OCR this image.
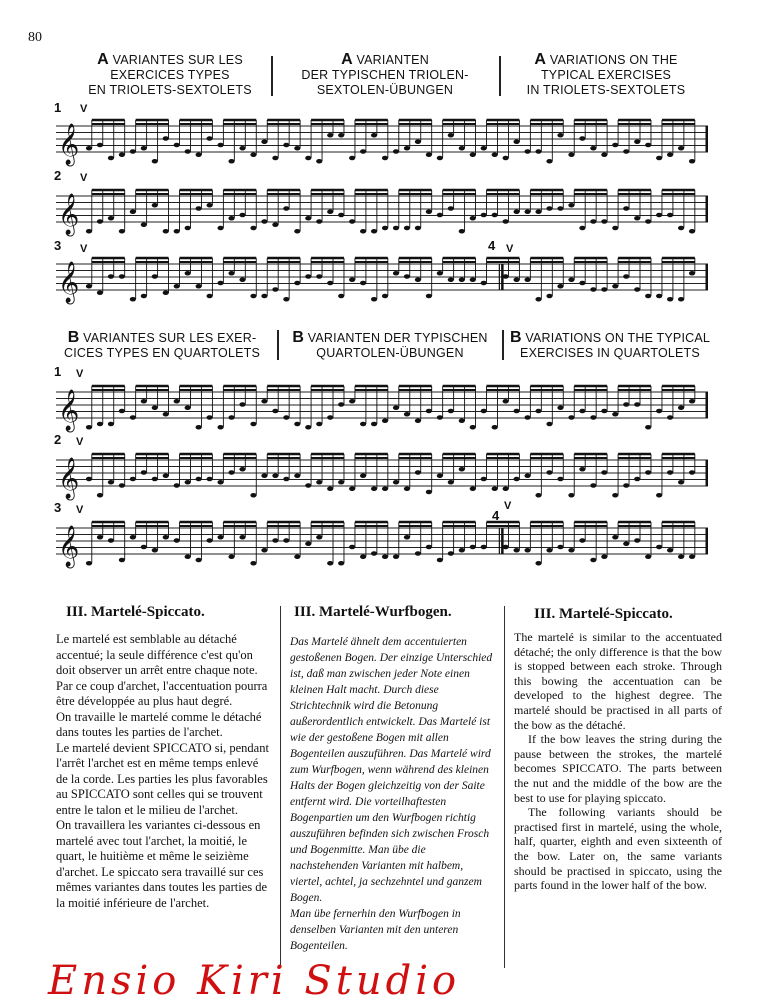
80
A VARIANTES SUR LES
EXERCICES TYPES
EN TRIOLETS-SEXTOLETS
A VARIANTEN
DER TYPISCHEN TRIOLEN-
SEXTOLEN-ÜBUNGEN
A VARIATIONS ON THE
TYPICAL EXERCISES
IN TRIOLETS-SEXTOLETS
1 V
𝄞
2 V
𝄞
3 V
𝄞
4 V
B VARIANTES SUR LES EXER-
CICES TYPES EN QUARTOLETS
B VARIANTEN DER TYPISCHEN
QUARTOLEN-ÜBUNGEN
B VARIATIONS ON THE TYPICAL
EXERCISES IN QUARTOLETS
1 V
𝄞
2 V
𝄞
3 V
𝄞
4
V
III. Martelé-Spiccato.

Le martelé est semblable au détaché accentué; la seule différence c'est qu'on doit observer un arrêt entre chaque note. Par ce coup d'archet, l'accentuation pourra être développée au plus haut degré.

On travaille le martelé comme le détaché dans toutes les parties de l'archet.

Le martelé devient SPICCATO si, pendant l'arrêt l'archet est en même temps enlevé de la corde. Les parties les plus favorables au SPICCATO sont celles qui se trouvent entre le talon et le milieu de l'archet.

On travaillera les variantes ci-dessous en martelé avec tout l'archet, la moitié, le quart, le huitième et même le seizième d'archet. Le spiccato sera travaillé sur ces mêmes variantes dans toutes les parties de la moitié inférieure de l'archet.

III. Martelé-Wurfbogen.

Das Martelé ähnelt dem accentuierten gestoßenen Bogen. Der einzige Unterschied ist, daß man zwischen jeder Note einen kleinen Halt macht. Durch diese Strichtechnik wird die Betonung außerordentlich entwickelt. Das Martelé ist wie der gestoßene Bogen mit allen Bogenteilen auszuführen. Das Martelé wird zum Wurfbogen, wenn während des kleinen Halts der Bogen gleichzeitig von der Saite entfernt wird. Die vorteilhaftesten Bogenpartien um den Wurfbogen richtig auszuführen befinden sich zwischen Frosch und Bogenmitte. Man übe die nachstehenden Varianten mit halbem, viertel, achtel, ja sechzehntel und ganzem Bogen.

Man übe fernerhin den Wurfbogen in denselben Varianten mit den unteren Bogenteilen.

III. Martelé-Spiccato.

The martelé is similar to the accentuated détaché; the only difference is that the bow is stopped between each stroke. Through this bowing the accentuation can be developed to the highest degree. The martelé should be practised in all parts of the bow as the détaché.

If the bow leaves the string during the pause between the strokes, the martelé becomes SPICCATO. The parts between the nut and the middle of the bow are the best to use for playing spiccato.

The following variants should be practised first in martelé, using the whole, half, quarter, eighth and even sixteenth of the bow. Later on, the same variants should be practised in spiccato, using the parts found in the lower half of the bow.

Ensio Kiri Studio
